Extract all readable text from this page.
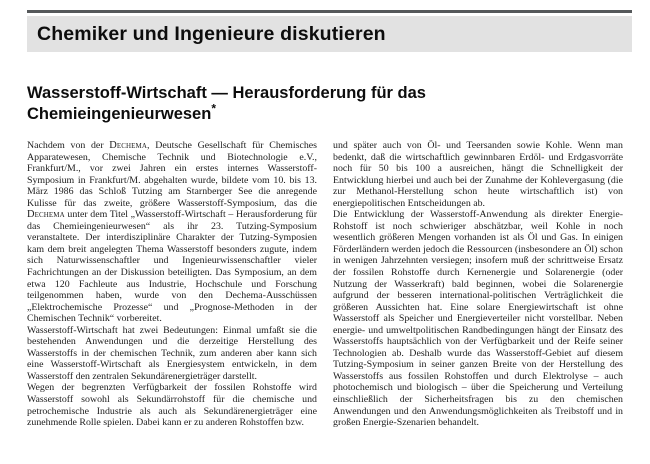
Chemiker und Ingenieure diskutieren
Wasserstoff-Wirtschaft — Herausforderung für das
Chemieingenieurwesen*

Nachdem von der Dechema, Deutsche Gesellschaft für Chemisches Apparatewesen, Chemische Technik und Biotechnologie e.V., Frankfurt/M., vor zwei Jahren ein erstes internes Wasserstoff-Symposium in Frankfurt/M. abgehalten wurde, bildete vom 10. bis 13. März 1986 das Schloß Tutzing am Starnberger See die anregende Kulisse für das zweite, größere Wasserstoff-Symposium, das die Dechema unter dem Titel „Wasserstoff-Wirtschaft – Herausforderung für das Chemieingenieurwesen“ als ihr 23. Tutzing-Symposium veranstaltete. Der interdisziplinäre Charakter der Tutzing-Symposien kam dem breit angelegten Thema Wasserstoff besonders zugute, indem sich Naturwissenschaftler und Ingenieurwissenschaftler vieler Fachrichtungen an der Diskussion beteiligten. Das Symposium, an dem etwa 120 Fachleute aus Industrie, Hochschule und Forschung teilgenommen haben, wurde von den Dechema-Ausschüssen „Elektrochemische Prozesse“ und „Prognose-Methoden in der Chemischen Technik“ vorbereitet.

Wasserstoff-Wirtschaft hat zwei Bedeutungen: Einmal umfaßt sie die bestehenden Anwendungen und die derzeitige Herstellung des Wasserstoffs in der chemischen Technik, zum anderen aber kann sich eine Wasserstoff-Wirtschaft als Energiesystem entwickeln, in dem Wasserstoff den zentralen Sekundärenergieträger darstellt.

Wegen der begrenzten Verfügbarkeit der fossilen Rohstoffe wird Wasserstoff sowohl als Sekundärrohstoff für die chemische und petrochemische Industrie als auch als Sekundärenergieträger eine zunehmende Rolle spielen. Dabei kann er zu anderen Rohstoffen bzw.

und später auch von Öl- und Teersanden sowie Kohle. Wenn man bedenkt, daß die wirtschaftlich gewinnbaren Erdöl- und Erdgasvorräte noch für 50 bis 100 a ausreichen, hängt die Schnelligkeit der Entwicklung hierbei und auch bei der Zunahme der Kohlevergasung (die zur Methanol-Herstellung schon heute wirtschaftlich ist) von energiepolitischen Entscheidungen ab.

Die Entwicklung der Wasserstoff-Anwendung als direkter Energie-Rohstoff ist noch schwieriger abschätzbar, weil Kohle in noch wesentlich größeren Mengen vorhanden ist als Öl und Gas. In einigen Förderländern werden jedoch die Ressourcen (insbesondere an Öl) schon in wenigen Jahrzehnten versiegen; insofern muß der schrittweise Ersatz der fossilen Rohstoffe durch Kernenergie und Solarenergie (oder Nutzung der Wasserkraft) bald beginnen, wobei die Solarenergie aufgrund der besseren international-politischen Verträglichkeit die größeren Aussichten hat. Eine solare Energiewirtschaft ist ohne Wasserstoff als Speicher und Energieverteiler nicht vorstellbar. Neben energie- und umweltpolitischen Randbedingungen hängt der Einsatz des Wasserstoffs hauptsächlich von der Verfügbarkeit und der Reife seiner Technologien ab. Deshalb wurde das Wasserstoff-Gebiet auf diesem Tutzing-Symposium in seiner ganzen Breite von der Herstellung des Wasserstoffs aus fossilen Rohstoffen und durch Elektrolyse – auch photochemisch und biologisch – über die Speicherung und Verteilung einschließlich der Sicherheitsfragen bis zu den chemischen Anwendungen und den Anwendungsmöglichkeiten als Treibstoff und in großen Energie-Szenarien behandelt.
